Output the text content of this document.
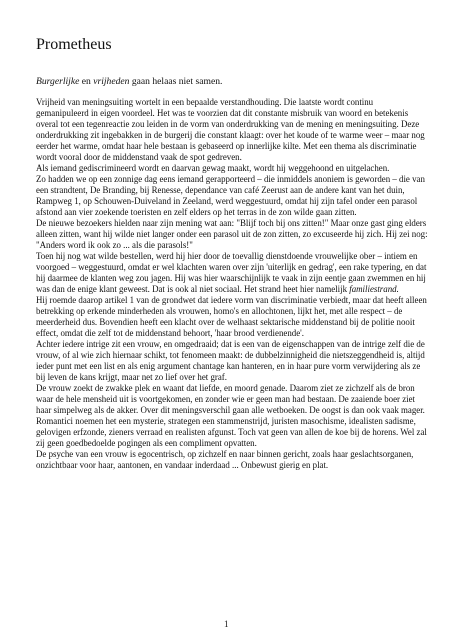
Prometheus

Burgerlijke en vrijheden gaan helaas niet samen.

Vrijheid van meningsuiting wortelt in een bepaalde verstandhouding. Die laatste wordt continu gemanipuleerd in eigen voordeel. Het was te voorzien dat dit constante misbruik van woord en betekenis overal tot een tegenreactie zou leiden in de vorm van onderdrukking van de mening en meningsuiting. Deze onderdrukking zit ingebakken in de burgerij die constant klaagt: over het koude of te warme weer – maar nog eerder het warme, omdat haar hele bestaan is gebaseerd op innerlijke kilte. Met een thema als discriminatie wordt vooral door de middenstand vaak de spot gedreven.

Als iemand gediscrimineerd wordt en daarvan gewag maakt, wordt hij weggehoond en uitgelachen.

Zo hadden we op een zonnige dag eens iemand gerapporteerd – die inmiddels anoniem is geworden – die van een strandtent, De Branding, bij Renesse, dependance van café Zeerust aan de andere kant van het duin, Rampweg 1, op Schouwen-Duiveland in Zeeland, werd weggestuurd, omdat hij zijn tafel onder een parasol afstond aan vier zoekende toeristen en zelf elders op het terras in de zon wilde gaan zitten.

De nieuwe bezoekers hielden naar zijn mening wat aan: "Blijf toch bij ons zitten!" Maar onze gast ging elders alleen zitten, want hij wilde niet langer onder een parasol uit de zon zitten, zo excuseerde hij zich. Hij zei nog: "Anders word ik ook zo ... als die parasols!"

Toen hij nog wat wilde bestellen, werd hij hier door de toevallig dienstdoende vrouwelijke ober – intiem en voorgoed – weggestuurd, omdat er wel klachten waren over zijn 'uiterlijk en gedrag', een rake typering, en dat hij daarmee de klanten weg zou jagen. Hij was hier waarschijnlijk te vaak in zijn eentje gaan zwemmen en hij was dan de enige klant geweest. Dat is ook al niet sociaal. Het strand heet hier namelijk familiestrand.

Hij roemde daarop artikel 1 van de grondwet dat iedere vorm van discriminatie verbiedt, maar dat heeft alleen betrekking op erkende minderheden als vrouwen, homo's en allochtonen, lijkt het, met alle respect – de meerderheid dus. Bovendien heeft een klacht over de welhaast sektarische middenstand bij de politie nooit effect, omdat die zelf tot de middenstand behoort, 'haar brood verdienende'.

Achter iedere intrige zit een vrouw, en omgedraaid; dat is een van de eigenschappen van de intrige zelf die de vrouw, of al wie zich hiernaar schikt, tot fenomeen maakt: de dubbelzinnigheid die nietszeggendheid is, altijd ieder punt met een list en als enig argument chantage kan hanteren, en in haar pure vorm verwijdering als ze bij leven de kans krijgt, maar net zo lief over het graf.

De vrouw zoekt de zwakke plek en waant dat liefde, en moord genade. Daarom ziet ze zichzelf als de bron waar de hele mensheid uit is voortgekomen, en zonder wie er geen man had bestaan. De zaaiende boer ziet haar simpelweg als de akker. Over dit meningsverschil gaan alle wetboeken. De oogst is dan ook vaak mager.

Romantici noemen het een mysterie, strategen een stammenstrijd, juristen masochisme, idealisten sadisme, gelovigen erfzonde, zieners verraad en realisten afgunst. Toch vat geen van allen de koe bij de horens. Wel zal zij geen goedbedoelde pogingen als een compliment opvatten.

De psyche van een vrouw is egocentrisch, op zichzelf en naar binnen gericht, zoals haar geslachtsorganen, onzichtbaar voor haar, aantonen, en vandaar inderdaad ... Onbewust gierig en plat.

1
